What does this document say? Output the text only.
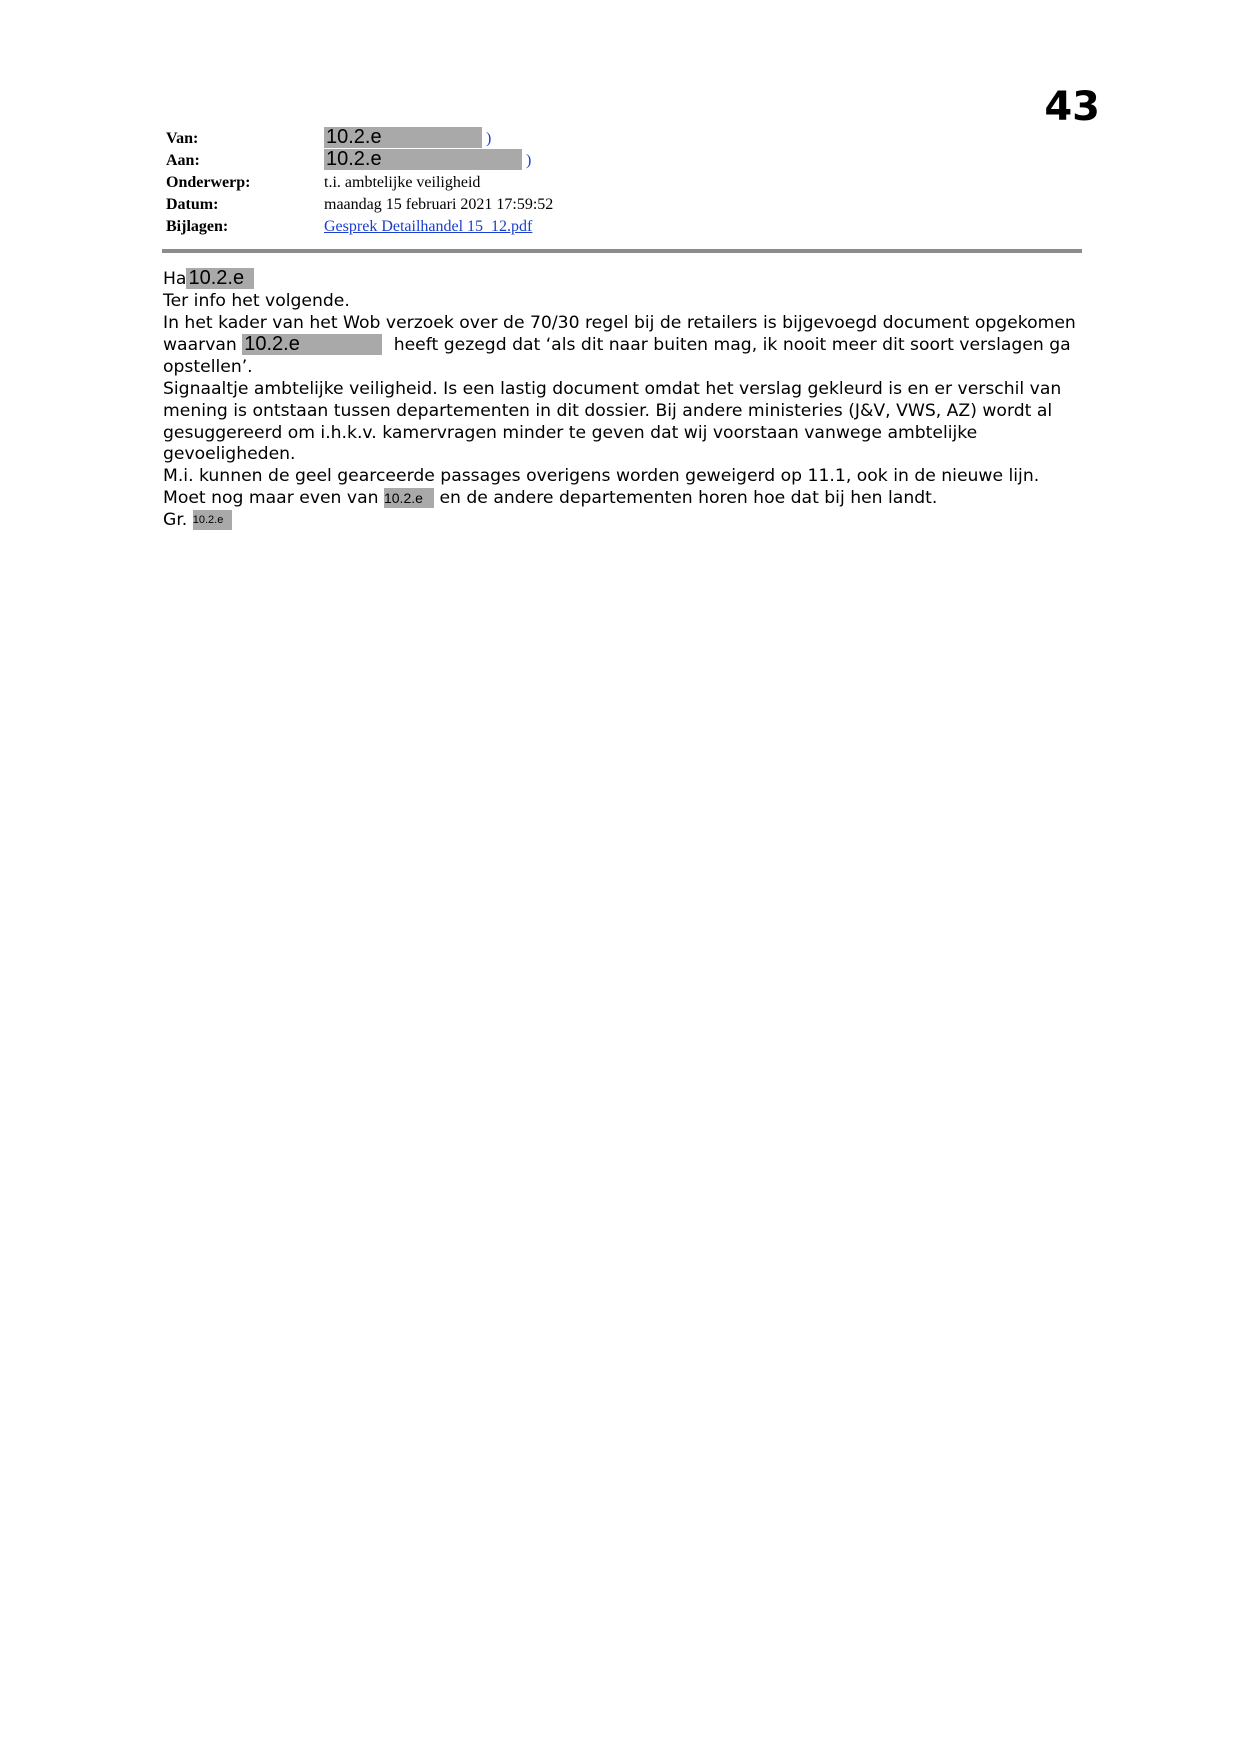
43
Van:	10.2.e	)
Aan:	10.2.e	)
Onderwerp:	t.i. ambtelijke veiligheid
Datum:	maandag 15 februari 2021 17:59:52
Bijlagen:	Gesprek Detailhandel 15_12.pdf

Ha 10.2.e

Ter info het volgende.

In het kader van het Wob verzoek over de 70/30 regel bij de retailers is bijgevoegd document opgekomen waarvan 10.2.e	heeft gezegd dat ‘als dit naar buiten mag, ik nooit meer dit soort verslagen ga opstellen’.

Signaaltje ambtelijke veiligheid. Is een lastig document omdat het verslag gekleurd is en er verschil van mening is ontstaan tussen departementen in dit dossier. Bij andere ministeries (J&V, VWS, AZ) wordt al gesuggereerd om i.h.k.v. kamervragen minder te geven dat wij voorstaan vanwege ambtelijke gevoeligheden.

M.i. kunnen de geel gearceerde passages overigens worden geweigerd op 11.1, ook in de nieuwe lijn. Moet nog maar even van 10.2.e en de andere departementen horen hoe dat bij hen landt.

Gr. 10.2.e
